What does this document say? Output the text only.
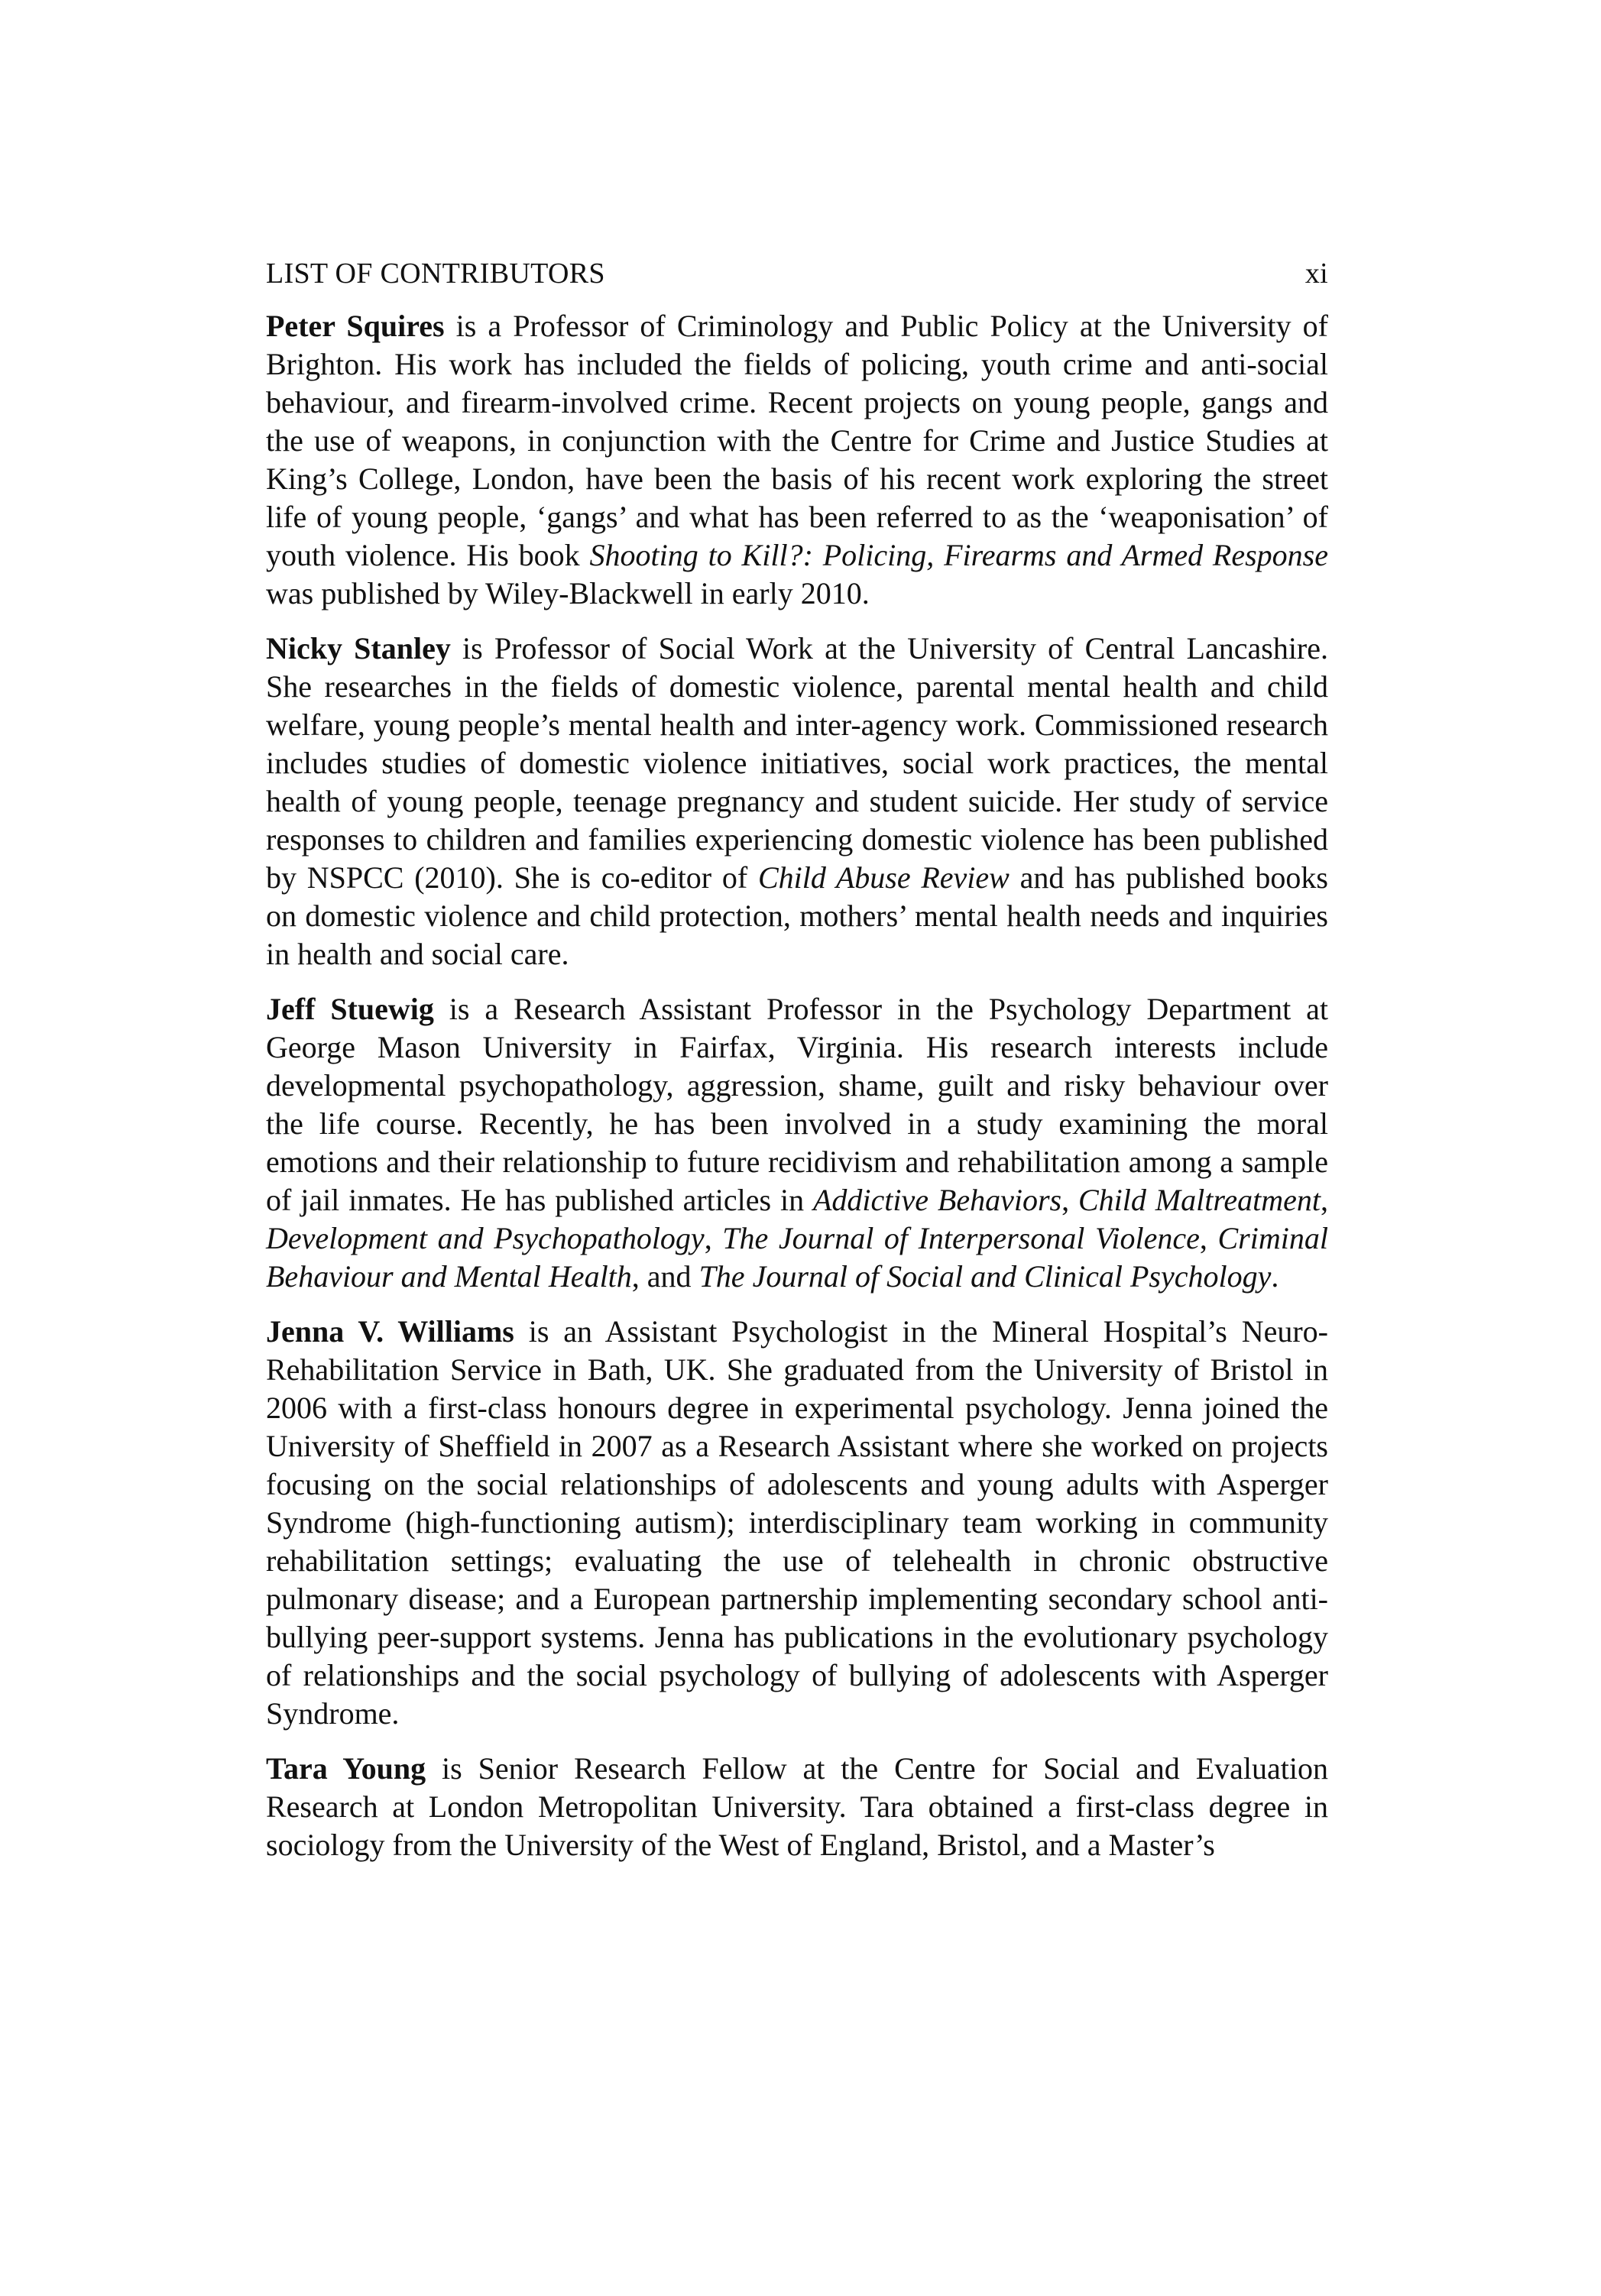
LIST OF CONTRIBUTORS	xi

Peter Squires is a Professor of Criminology and Public Policy at the University of Brighton. His work has included the fields of policing, youth crime and anti-social behaviour, and firearm-involved crime. Recent projects on young people, gangs and the use of weapons, in conjunction with the Centre for Crime and Justice Studies at King’s College, London, have been the basis of his recent work exploring the street life of young people, ‘gangs’ and what has been referred to as the ‘weaponisation’ of youth violence. His book Shooting to Kill?: Policing, Firearms and Armed Response was published by Wiley-Blackwell in early 2010.

Nicky Stanley is Professor of Social Work at the University of Central Lancashire. She researches in the fields of domestic violence, parental mental health and child welfare, young people’s mental health and inter-agency work. Commissioned research includes studies of domestic violence initiatives, social work practices, the mental health of young people, teenage pregnancy and student suicide. Her study of service responses to children and families experiencing domestic violence has been published by NSPCC (2010). She is co-editor of Child Abuse Review and has published books on domestic violence and child protection, mothers’ mental health needs and inquiries in health and social care.

Jeff Stuewig is a Research Assistant Professor in the Psychology Department at George Mason University in Fairfax, Virginia. His research interests include developmental psychopathology, aggression, shame, guilt and risky behaviour over the life course. Recently, he has been involved in a study examining the moral emotions and their relationship to future recidivism and rehabilitation among a sample of jail inmates. He has published articles in Addictive Behaviors, Child Maltreatment, Development and Psychopathology, The Journal of Interpersonal Violence, Criminal Behaviour and Mental Health, and The Journal of Social and Clinical Psychology.

Jenna V. Williams is an Assistant Psychologist in the Mineral Hospital’s Neuro-Rehabilitation Service in Bath, UK. She graduated from the University of Bristol in 2006 with a first-class honours degree in experimental psychology. Jenna joined the University of Sheffield in 2007 as a Research Assistant where she worked on projects focusing on the social relationships of adolescents and young adults with Asperger Syndrome (high-functioning autism); interdisciplinary team working in community rehabilitation settings; evaluating the use of telehealth in chronic obstructive pulmonary disease; and a European partnership implementing secondary school anti-bullying peer-support systems. Jenna has publications in the evolutionary psychology of relationships and the social psychology of bullying of adolescents with Asperger Syndrome.

Tara Young is Senior Research Fellow at the Centre for Social and Evaluation Research at London Metropolitan University. Tara obtained a first-class degree in sociology from the University of the West of England, Bristol, and a Master’s
